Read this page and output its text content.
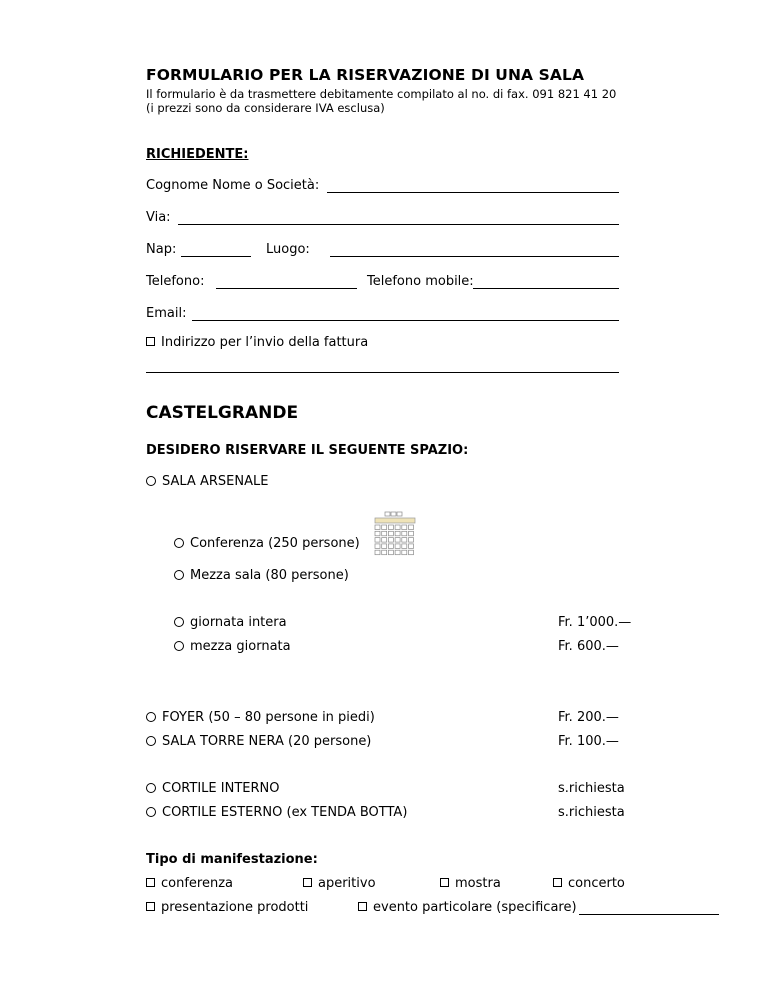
FORMULARIO PER LA RISERVAZIONE DI UNA SALA
Il formulario è da trasmettere debitamente compilato al no. di fax. 091 821 41 20
(i prezzi sono da considerare IVA esclusa)
RICHIEDENTE:
Cognome Nome o Società:
Via:
Nap:	Luogo:
Telefono:	Telefono mobile:
Email:
Indirizzo per l’invio della fattura
CASTELGRANDE
DESIDERO RISERVARE IL SEGUENTE SPAZIO:
SALA ARSENALE
Conferenza (250 persone)
Mezza sala (80 persone)
giornata intera	Fr. 1’000.—
mezza giornata	Fr. 600.—
FOYER (50 – 80 persone in piedi)	Fr. 200.—
SALA TORRE NERA (20 persone)	Fr. 100.—
CORTILE INTERNO	s.richiesta
CORTILE ESTERNO (ex TENDA BOTTA)	s.richiesta
Tipo di manifestazione:
conferenza	aperitivo	mostra	concerto
presentazione prodotti	evento particolare (specificare)
